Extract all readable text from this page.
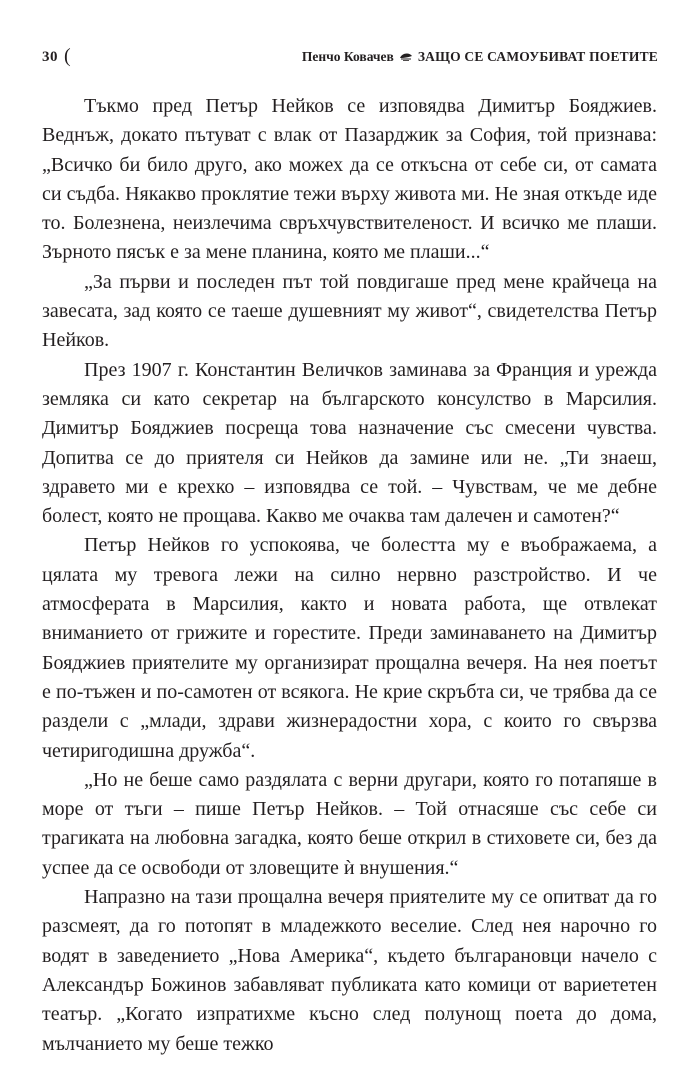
30 (	Пенчо Ковачев ЗАЩО СЕ САМОУБИВАТ ПОЕТИТЕ

Тъкмо пред Петър Нейков се изповядва Димитър Бояджиев. Веднъж, докато пътуват с влак от Пазарджик за София, той признава: „Всичко би било друго, ако можех да се откъсна от себе си, от самата си съдба. Някакво проклятие тежи върху живота ми. Не зная откъде иде то. Болезнена, неизлечима свръхчувствителеност. И всичко ме плаши. Зърното пясък е за мене планина, която ме плаши...“

„За първи и последен път той повдигаше пред мене крайчеца на завесата, зад която се таеше душевният му живот“, свидетелства Петър Нейков.

През 1907 г. Константин Величков заминава за Франция и урежда земляка си като секретар на българското консулство в Марсилия. Димитър Бояджиев посреща това назначение със смесени чувства. Допитва се до приятеля си Нейков да замине или не. „Ти знаеш, здравето ми е крехко – изповядва се той. – Чувствам, че ме дебне болест, която не прощава. Какво ме очаква там далечен и самотен?“

Петър Нейков го успокоява, че болестта му е въображаема, а цялата му тревога лежи на силно нервно разстройство. И че атмосферата в Марсилия, както и новата работа, ще отвлекат вниманието от грижите и горестите. Преди заминаването на Димитър Бояджиев приятелите му организират прощална вечеря. На нея поетът е по-тъжен и по-самотен от всякога. Не крие скръбта си, че трябва да се раздели с „млади, здрави жизнерадостни хора, с които го свързва четиригодишна дружба“.

„Но не беше само раздялата с верни другари, която го потапяше в море от тъги – пише Петър Нейков. – Той отнасяше със себе си трагиката на любовна загадка, която беше открил в стиховете си, без да успее да се освободи от зловещите ѝ внушения.“

Напразно на тази прощална вечеря приятелите му се опитват да го разсмеят, да го потопят в младежкото веселие. След нея нарочно го водят в заведението „Нова Америка“, където българановци начело с Александър Божинов забавляват публиката като комици от вариететен театър. „Когато изпратихме късно след полунощ поета до дома, мълчанието му беше тежко
